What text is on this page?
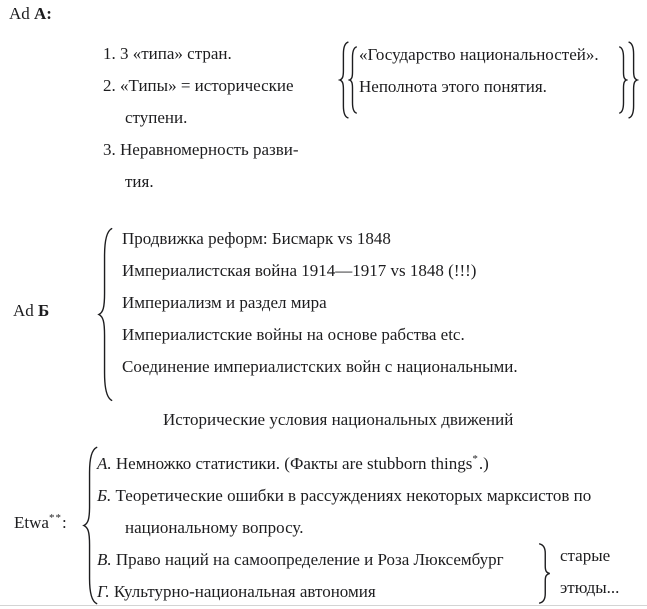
Ad A:
1. 3 «типа» стран.
2. «Типы» = исторические
ступени.
3. Неравномерность разви-
тия.
«Государство национальностей».
Неполнота этого понятия.
Ad Б
Продвижка реформ: Бисмарк vs 1848
Империалистская война 1914—1917 vs 1848 (!!!)
Империализм и раздел мира
Империалистские войны на основе рабства etc.
Соединение империалистских войн с национальными.
Исторические условия национальных движений
Etwa**:
А. Немножко статистики. (Факты are stubborn things*.)
Б. Теоретические ошибки в рассуждениях некоторых марксистов по
национальному вопросу.
В. Право наций на самоопределение и Роза Люксембург
Г. Культурно-национальная автономия
старые
этюды...
